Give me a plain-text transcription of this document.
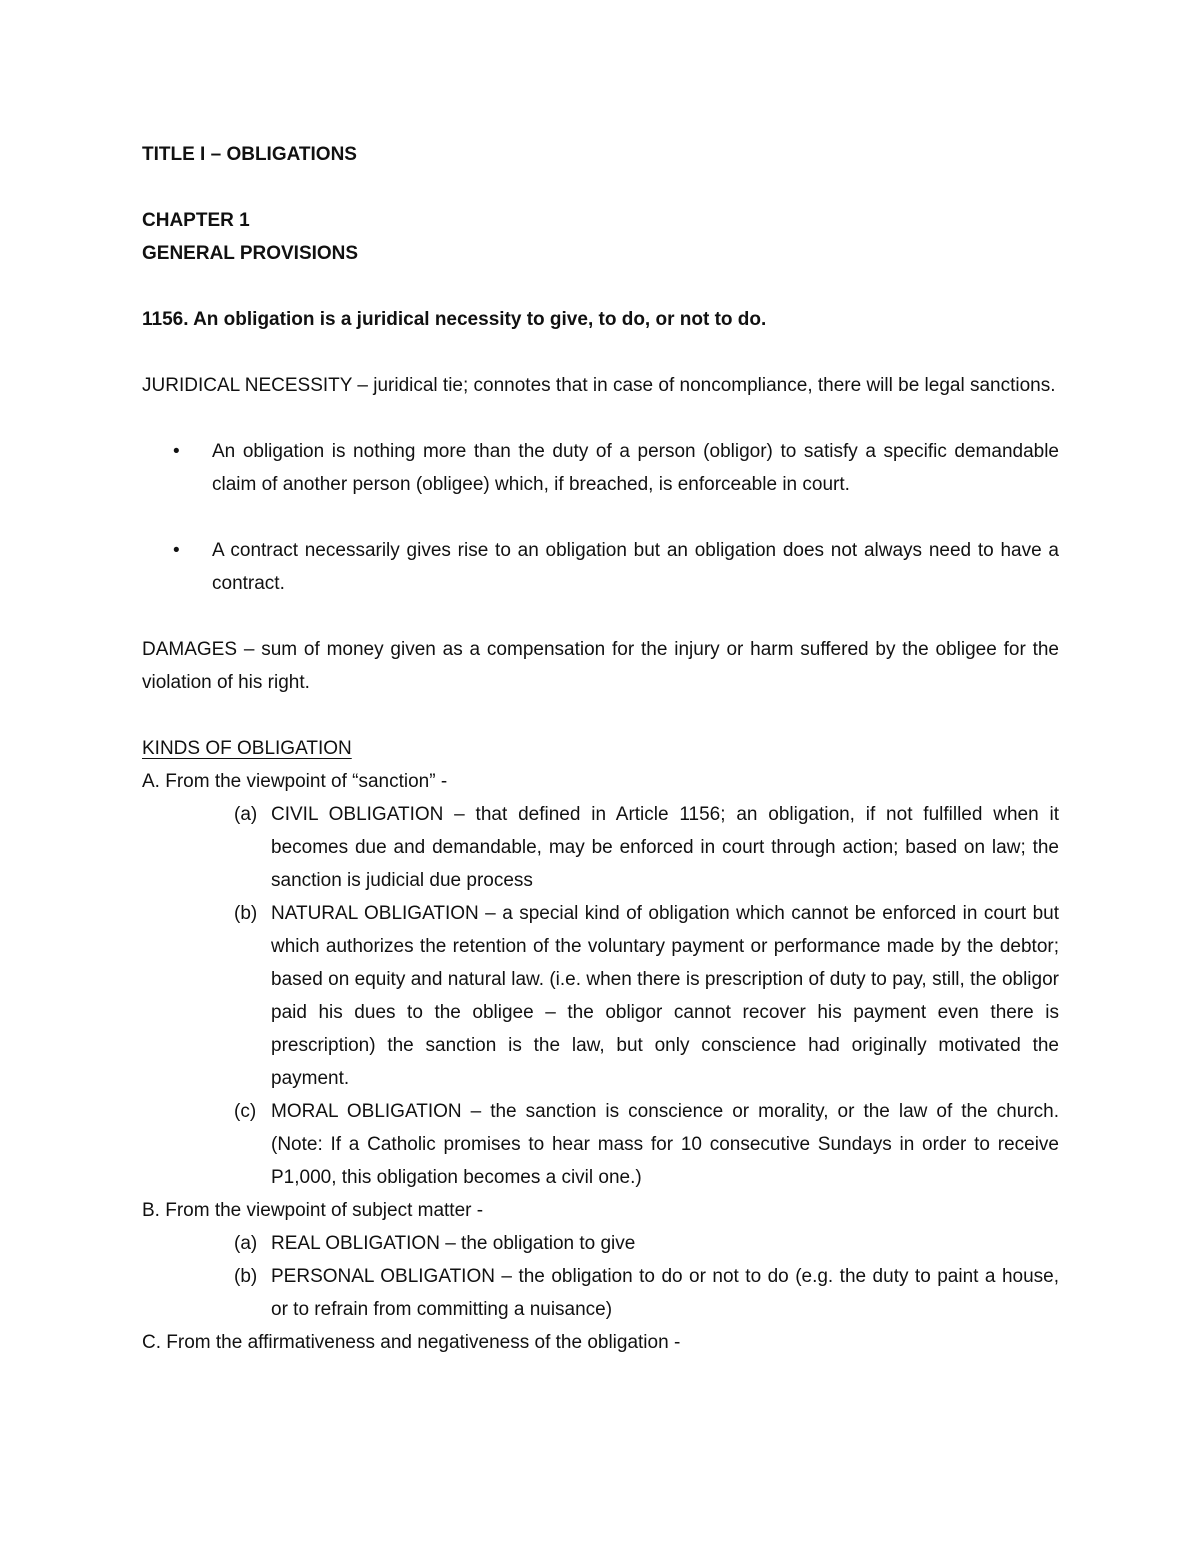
TITLE I – OBLIGATIONS

CHAPTER 1

GENERAL PROVISIONS

1156. An obligation is a juridical necessity to give, to do, or not to do.

JURIDICAL NECESSITY – juridical tie; connotes that in case of noncompliance, there will be legal sanctions.

• An obligation is nothing more than the duty of a person (obligor) to satisfy a specific demandable claim of another person (obligee) which, if breached, is enforceable in court.
• A contract necessarily gives rise to an obligation but an obligation does not always need to have a contract.

DAMAGES – sum of money given as a compensation for the injury or harm suffered by the obligee for the violation of his right.

KINDS OF OBLIGATION

A. From the viewpoint of “sanction” -

(a) CIVIL OBLIGATION – that defined in Article 1156; an obligation, if not fulfilled when it becomes due and demandable, may be enforced in court through action; based on law; the sanction is judicial due process
(b) NATURAL OBLIGATION – a special kind of obligation which cannot be enforced in court but which authorizes the retention of the voluntary payment or performance made by the debtor; based on equity and natural law. (i.e. when there is prescription of duty to pay, still, the obligor paid his dues to the obligee – the obligor cannot recover his payment even there is prescription) the sanction is the law, but only conscience had originally motivated the payment.
(c) MORAL OBLIGATION – the sanction is conscience or morality, or the law of the church. (Note: If a Catholic promises to hear mass for 10 consecutive Sundays in order to receive P1,000, this obligation becomes a civil one.)

B. From the viewpoint of subject matter -

(a) REAL OBLIGATION – the obligation to give
(b) PERSONAL OBLIGATION – the obligation to do or not to do (e.g. the duty to paint a house, or to refrain from committing a nuisance)

C. From the affirmativeness and negativeness of the obligation -
